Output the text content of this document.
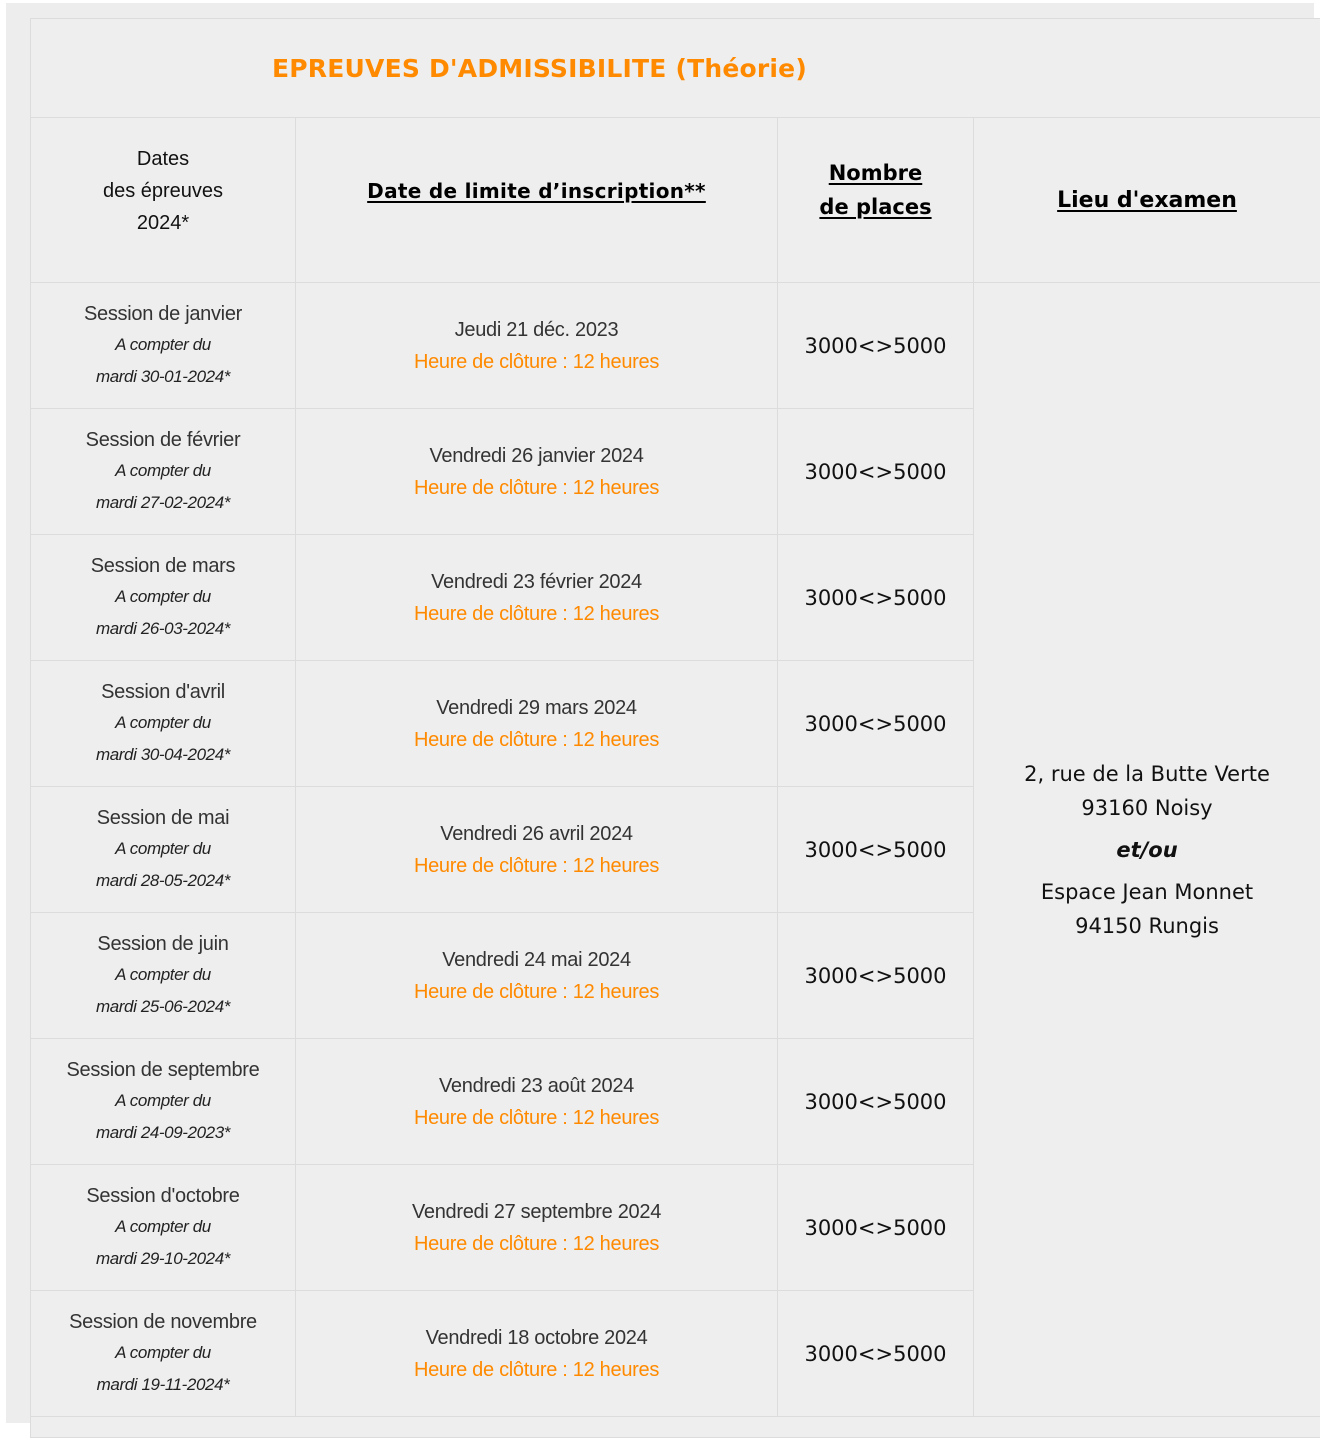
EPREUVES D'ADMISSIBILITE (Théorie)			

Dates
des épreuves
2024*	Date de limite d’inscription**	Nombre
de places	Lieu d'examen

Session de janvier
A compter du
mardi 30-01-2024*	Jeudi 21 déc. 2023
Heure de clôture : 12 heures	3000<>5000	2, rue de la Butte Verte
93160 Noisy
et/ou
Espace Jean Monnet
94150 Rungis

Session de février
A compter du
mardi 27-02-2024*	Vendredi 26 janvier 2024
Heure de clôture : 12 heures	3000<>5000	

Session de mars
A compter du
mardi 26-03-2024*	Vendredi 23 février 2024
Heure de clôture : 12 heures	3000<>5000	

Session d'avril
A compter du
mardi 30-04-2024*	Vendredi 29 mars 2024
Heure de clôture : 12 heures	3000<>5000	

Session de mai
A compter du
mardi 28-05-2024*	Vendredi 26 avril 2024
Heure de clôture : 12 heures	3000<>5000	

Session de juin
A compter du
mardi 25-06-2024*	Vendredi 24 mai 2024
Heure de clôture : 12 heures	3000<>5000	

Session de septembre
A compter du
mardi 24-09-2023*	Vendredi 23 août 2024
Heure de clôture : 12 heures	3000<>5000	

Session d'octobre
A compter du
mardi 29-10-2024*	Vendredi 27 septembre 2024
Heure de clôture : 12 heures	3000<>5000	

Session de novembre
A compter du
mardi 19-11-2024*	Vendredi 18 octobre 2024
Heure de clôture : 12 heures	3000<>5000	
